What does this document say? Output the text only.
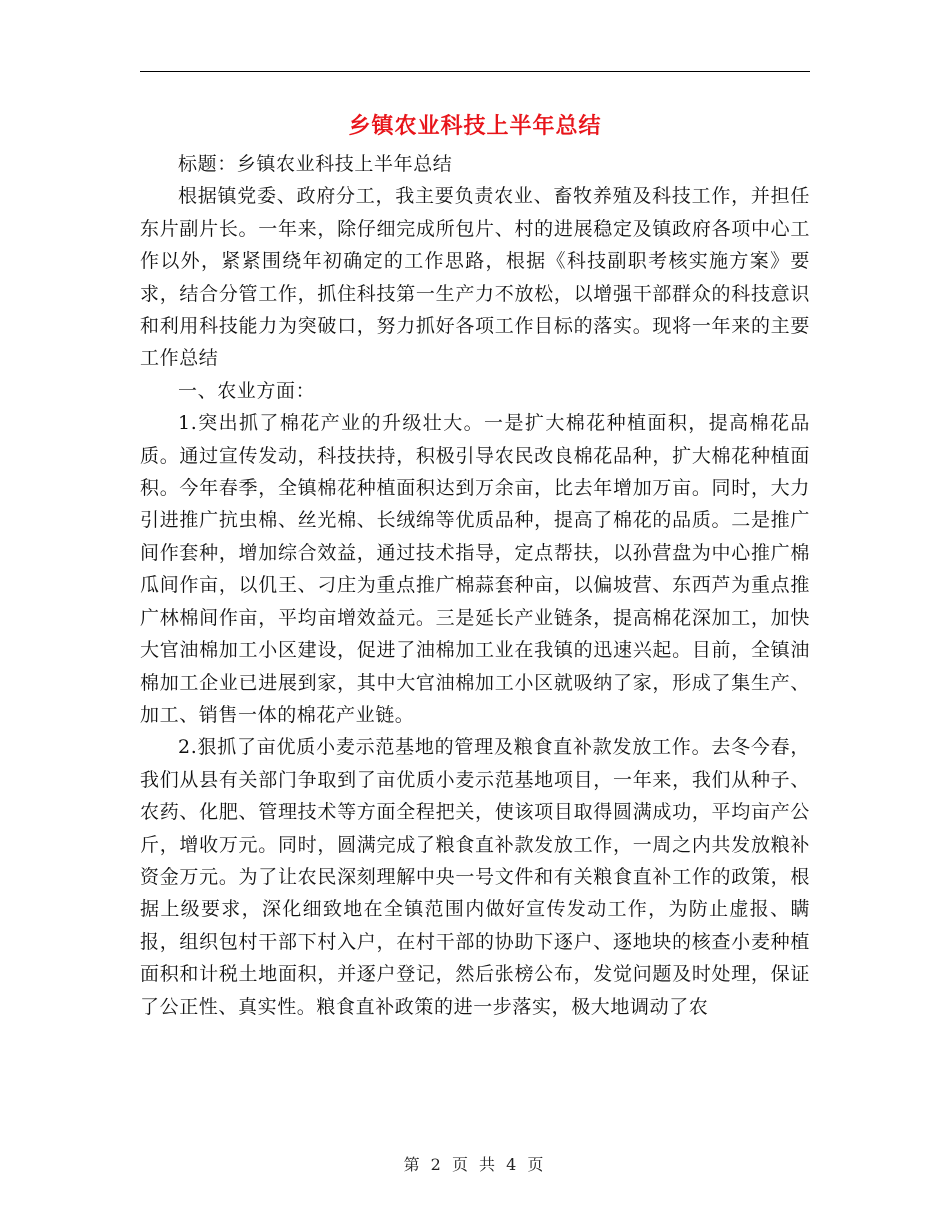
乡镇农业科技上半年总结

标题：乡镇农业科技上半年总结

根据镇党委、政府分工，我主要负责农业、畜牧养殖及科技工作，并担任东片副片长。一年来，除仔细完成所包片、村的进展稳定及镇政府各项中心工作以外，紧紧围绕年初确定的工作思路，根据《科技副职考核实施方案》要求，结合分管工作，抓住科技第一生产力不放松，以增强干部群众的科技意识和利用科技能力为突破口，努力抓好各项工作目标的落实。现将一年来的主要工作总结

一、农业方面：

1.突出抓了棉花产业的升级壮大。一是扩大棉花种植面积，提高棉花品质。通过宣传发动，科技扶持，积极引导农民改良棉花品种，扩大棉花种植面积。今年春季，全镇棉花种植面积达到万余亩，比去年增加万亩。同时，大力引进推广抗虫棉、丝光棉、长绒绵等优质品种，提高了棉花的品质。二是推广间作套种，增加综合效益，通过技术指导，定点帮扶，以孙营盘为中心推广棉瓜间作亩，以仉王、刁庄为重点推广棉蒜套种亩，以偏坡营、东西芦为重点推广林棉间作亩，平均亩增效益元。三是延长产业链条，提高棉花深加工，加快大官油棉加工小区建设，促进了油棉加工业在我镇的迅速兴起。目前，全镇油棉加工企业已进展到家，其中大官油棉加工小区就吸纳了家，形成了集生产、加工、销售一体的棉花产业链。

2.狠抓了亩优质小麦示范基地的管理及粮食直补款发放工作。去冬今春，我们从县有关部门争取到了亩优质小麦示范基地项目，一年来，我们从种子、农药、化肥、管理技术等方面全程把关，使该项目取得圆满成功，平均亩产公斤，增收万元。同时，圆满完成了粮食直补款发放工作，一周之内共发放粮补资金万元。为了让农民深刻理解中央一号文件和有关粮食直补工作的政策，根据上级要求，深化细致地在全镇范围内做好宣传发动工作，为防止虚报、瞒报，组织包村干部下村入户，在村干部的协助下逐户、逐地块的核查小麦种植面积和计税土地面积，并逐户登记，然后张榜公布，发觉问题及时处理，保证了公正性、真实性。粮食直补政策的进一步落实，极大地调动了农

第 2 页 共 4 页
